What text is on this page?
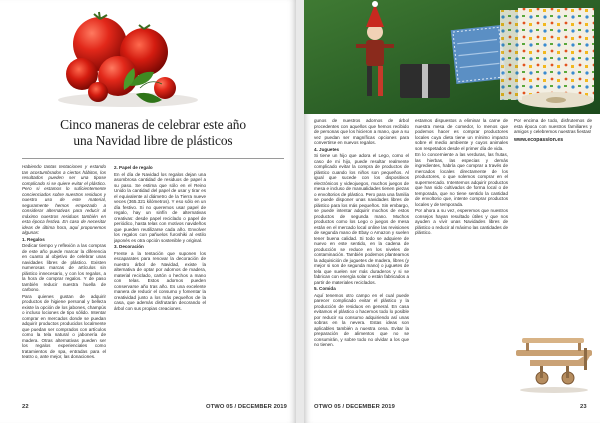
Cinco maneras de celebrar este año
una Navidad libre de plásticos

Habiendo tantas tentaciones y estando tan acostumbrados a ciertos hábitos, los resultados pueden ser una tipose complicado si se quiere evitar el plástico. Pero si estamos lo suficientemente concienciados sobre nuestros residuos y nuestro uso de este material, seguramente hemos empezado a considerar alternativas para reducir al máximo nuestros residuos también en esta época festiva. En caso de necesitar ideas de última hora, aquí proponemos algunas:

1. Regalos

Dedicar tiempo y reflexión a las compras de este año puede marcar la diferencia en cuanto al objetivo de celebrar unas navidades libres de plástico. Existen numerosas marcas de artículos sin plástico innecesario, y con los regalos, a la hora de comprar regalos. Y de paso también reducir nuestra huella de carbono.

Para quienes gustan de adquirir productos de higiene personal y belleza existe la opción de los jabones, champús o incluso lociones de tipo sólido. Intentar comprar en mercados donde se puedan adquirir productos producidos localmente que puedan ser comprados con artículos como la tela natural o jabonería de madera. Otras alternativas pueden ser los regalos experienciales como tratamientos de spa, entradas para el teatro o, ante mejor, las donaciones.

2. Papel de regalo

En el día de Navidad los regalos dejan una asombrosa cantidad de residuos de papel a su paso. Se estima que sólo en el Reino Unido la cantidad del papel de usar y tirar es el equivalente al diámetro de la Tierra nueve veces (365.321 kilómetros). Y eso sólo en un día festivo. Si no queremos usar papel de regalo, hay un sinfín de alternativas creativas: desde papel reciclado o papel de periódico, hasta telas con motivos navideños que pueden reutilizarse cada año. Envolver los regalos con pañuelos furoshiki al estilo japonés es otra opción sostenible y original.

3. Decoración

Frente a la tentación que suponen los escaparates para renovar la decoración de nuestro árbol de Navidad, existe la alternativa de optar por adornos de madera, material reciclado, cartón o hechos a mano con telas. Estos adornos pueden conservarse año tras año. Es una excelente manera de reducir el consumo y fomentar la creatividad junto a los más pequeños de la casa, que además disfrutarán decorando el árbol con sus propias creaciones.

22	OTWO 05 / DECEMBER 2019

gunos de nuestros adornos de árbol procedentes con aquellos que hemos recibido de personas que los hicieron a mano, que a su vez puedan ser magníficas opciones para convertirse en nuevos regalos.

4. Juguetes

Si tiene un hijo que adora el Lego, como el caso de mi hijo, puede resultar realmente complicado evitar la compra de productos de plástico cuando los niños son pequeños. Al igual que sucede con los dispositivos electrónicos y videojuegos, muchos juegos de mesa e incluso de manualidades tienen piezas o envoltorios de plástico. Pero para una familia se puede disponer unas navidades libres de plástico para los más pequeños. Sin embargo, se puede intentar adquirir muchos de estos productos de segunda mano. Muchos productos como los Lego o juegos de mesa están en el mercado local online las revisiones de segunda mano de Ebay o Amazon y suelen tener buena calidad. Si todo se adquiere de nuevo en este sentido, en la cadena de producción se reduce en los niveles de contaminación. También podemos plantearnos la adquisición de juguetes de madera, libres (y mejor si son de segunda mano) o juguetes de tela que suelen ser más duraderos y si se fabrican con energía solar o están fabricados a partir de materiales reciclados.

5. Comida

Aquí tenemos otro campo en el cual puede parecer complicado evitar el plástico y la producción de residuos en general. En casa evitamos el plástico o hacemos todo lo posible por reducir su consumo adquiriendo así unas sobras en la nevera. Estas ideas son aplicables también a nuestra cena. Evitar la preparación de alimentos que no se consumirán, y sobre todo no olvidar a los que no tienen.

estamos dispuestos a eliminar la carne de nuestra mesa de comedor, lo menos que podemos hacer es comprar productores locales cuya dieta tiene un mínimo impacto sobre el medio ambiente y cuyos animales son respetados desde el primer día de vida.

En lo concerniente a las verduras, las frutas, las hierbas, las especias y demás ingredientes, habría que comprar a través de mercados locales directamente de los productores, o que solemos comprar en el supermercado. Intentemos adquirir productos que han sido cultivados de forma local o de temporada, que no tiene sentido la cantidad de envoltorio que, intente comprar productos locales y de temporada.

Por ahora a su vez, esperemos que nuestros consejos hayan resultado útiles y que nos ayuden a vivir unas Navidades libres de plástico o reducir al máximo las cantidades de plástico.

Por encima de todo, disfrutemos de esta época con nuestros familiares y amigos y celebremos nuestras fiestas!

www.ecopassion.es

OTWO 05 / DECEMBER 2019	23
